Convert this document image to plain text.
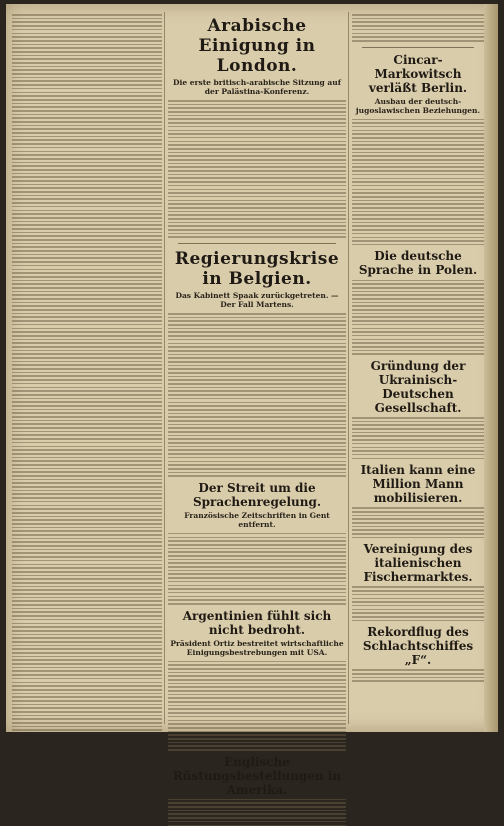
Arabische Einigung in London.
Die erste britisch-arabische Sitzung auf der Palästina-Konferenz.
Regierungskrise in Belgien.
Das Kabinett Spaak zurückgetreten. — Der Fall Martens.
Der Streit um die Sprachenregelung.
Französische Zeitschriften in Gent entfernt.
Argentinien fühlt sich nicht bedroht.
Präsident Ortiz bestreitet wirtschaftliche Einigungsbestrebungen mit USA.
Englische Rüstungsbestellungen in Amerika.
Cincar-Markowitsch verläßt Berlin.
Ausbau der deutsch-jugoslawischen Beziehungen.
Die deutsche Sprache in Polen.
Gründung der Ukrainisch-Deutschen Gesellschaft.
Italien kann eine Million Mann mobilisieren.
Vereinigung des italienischen Fischermarktes.
Rekordflug des Schlachtschiffes „F“.
